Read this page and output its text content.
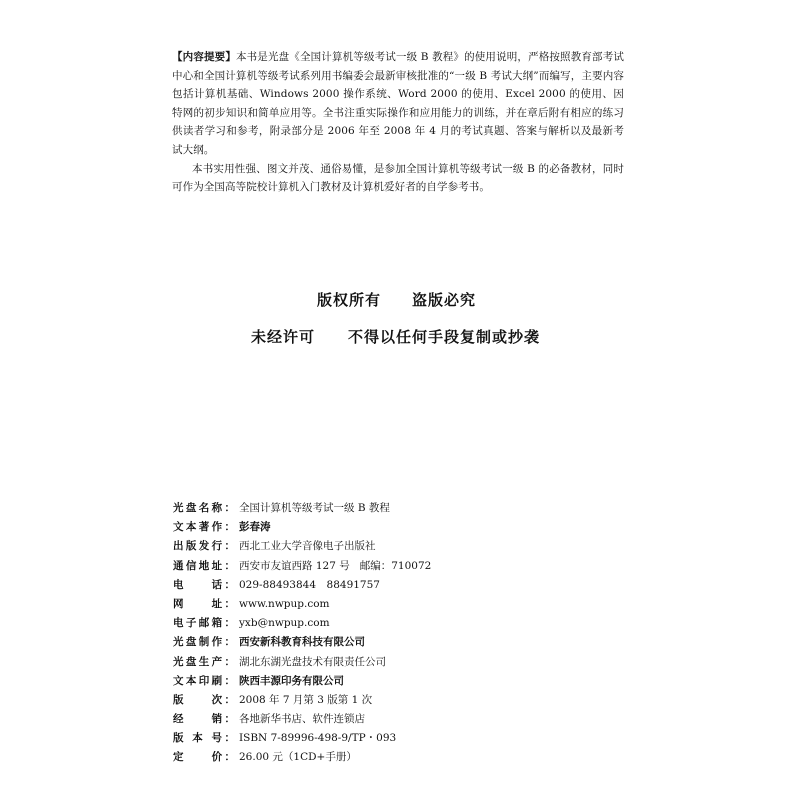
【内容提要】本书是光盘《全国计算机等级考试一级 B 教程》的使用说明，严格按照教育部考试中心和全国计算机等级考试系列用书编委会最新审核批准的“一级 B 考试大纲”而编写，主要内容包括计算机基础、Windows 2000 操作系统、Word 2000 的使用、Excel 2000 的使用、因特网的初步知识和简单应用等。全书注重实际操作和应用能力的训练，并在章后附有相应的练习供读者学习和参考，附录部分是 2006 年至 2008 年 4 月的考试真题、答案与解析以及最新考试大纲。

本书实用性强、图文并茂、通俗易懂，是参加全国计算机等级考试一级 B 的必备教材，同时可作为全国高等院校计算机入门教材及计算机爱好者的自学参考书。

版权所有 盗版必究
未经许可 不得以任何手段复制或抄袭
光盘名称： 全国计算机等级考试一级 B 教程
文本著作： 彭春涛
出版发行： 西北工业大学音像电子出版社
通信地址： 西安市友谊西路 127 号 邮编： 710072
电　　话： 029-88493844　88491757
网　　址： www.nwpup.com
电子邮箱： yxb@nwpup.com
光盘制作： 西安新科教育科技有限公司
光盘生产： 湖北东湖光盘技术有限责任公司
文本印刷： 陕西丰源印务有限公司
版　　次： 2008 年 7 月第 3 版第 1 次
经　　销： 各地新华书店、软件连锁店
版 本 号： ISBN 7-89996-498-9/TP・093
定　　价： 26.00 元（1CD+手册）
